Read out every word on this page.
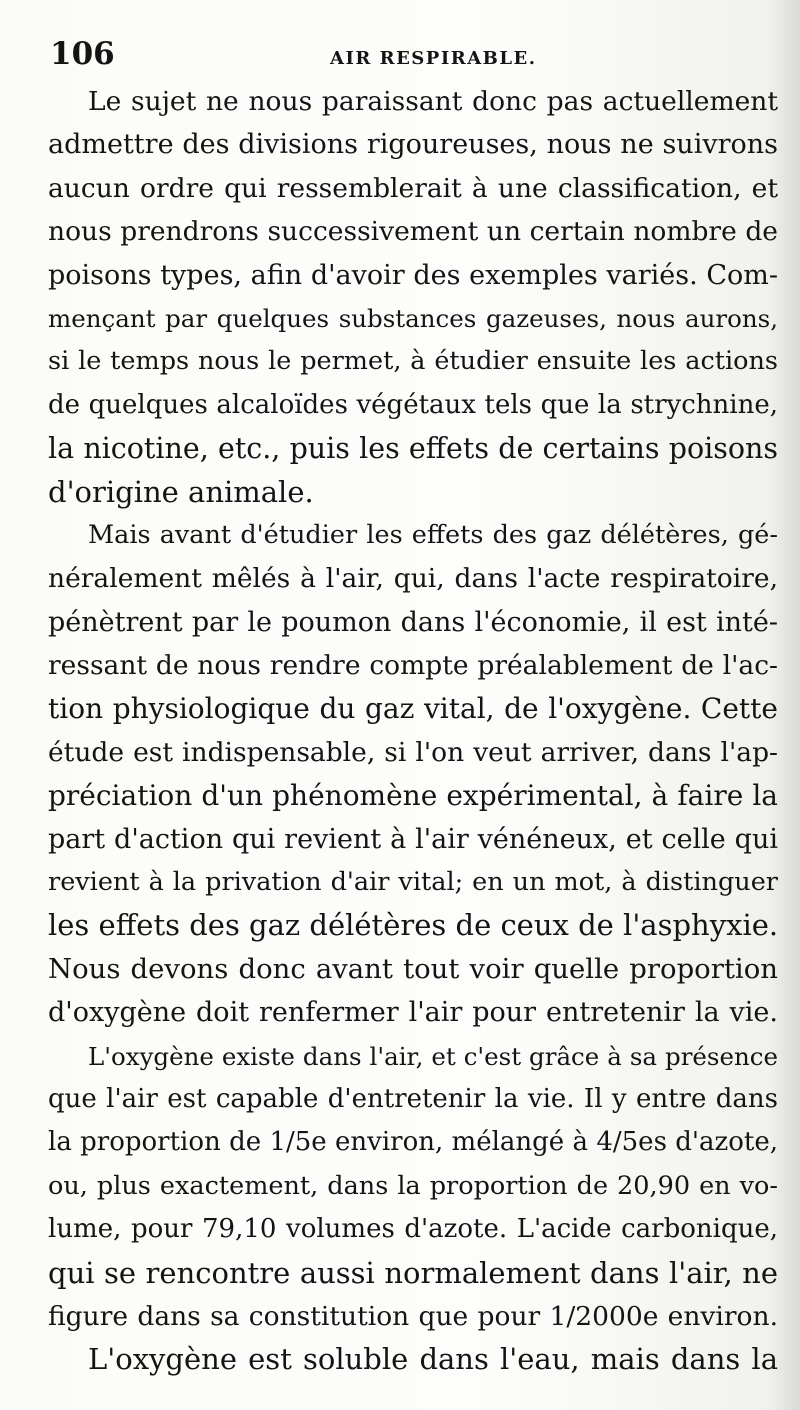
106	AIR RESPIRABLE.
Le sujet ne nous paraissant donc pas actuellement
admettre des divisions rigoureuses, nous ne suivrons
aucun ordre qui ressemblerait à une classification, et
nous prendrons successivement un certain nombre de
poisons types, afin d'avoir des exemples variés. Com-
mençant par quelques substances gazeuses, nous aurons,
si le temps nous le permet, à étudier ensuite les actions
de quelques alcaloïdes végétaux tels que la strychnine,
la nicotine, etc., puis les effets de certains poisons
d'origine animale.
Mais avant d'étudier les effets des gaz délétères, gé-
néralement mêlés à l'air, qui, dans l'acte respiratoire,
pénètrent par le poumon dans l'économie, il est inté-
ressant de nous rendre compte préalablement de l'ac-
tion physiologique du gaz vital, de l'oxygène. Cette
étude est indispensable, si l'on veut arriver, dans l'ap-
préciation d'un phénomène expérimental, à faire la
part d'action qui revient à l'air vénéneux, et celle qui
revient à la privation d'air vital; en un mot, à distinguer
les effets des gaz délétères de ceux de l'asphyxie.
Nous devons donc avant tout voir quelle proportion
d'oxygène doit renfermer l'air pour entretenir la vie.
L'oxygène existe dans l'air, et c'est grâce à sa présence
que l'air est capable d'entretenir la vie. Il y entre dans
la proportion de 1/5e environ, mélangé à 4/5es d'azote,
ou, plus exactement, dans la proportion de 20,90 en vo-
lume, pour 79,10 volumes d'azote. L'acide carbonique,
qui se rencontre aussi normalement dans l'air, ne
figure dans sa constitution que pour 1/2000e environ.
L'oxygène est soluble dans l'eau, mais dans la
